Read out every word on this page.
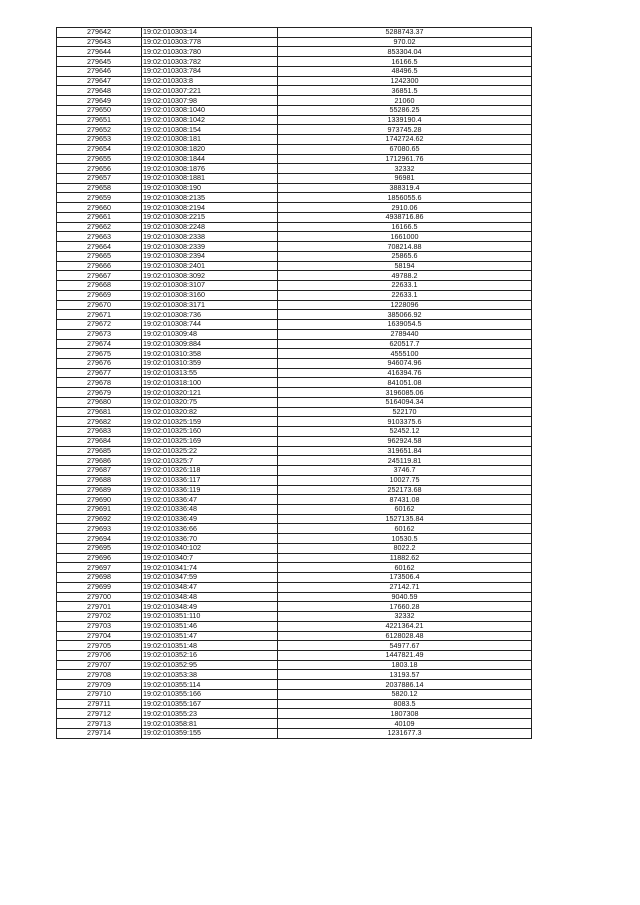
279642	19:02:010303:14	5288743.37
279643	19:02:010303:778	970.02
279644	19:02:010303:780	853304.04
279645	19:02:010303:782	16166.5
279646	19:02:010303:784	48496.5
279647	19:02:010303:8	1242300
279648	19:02:010307:221	36851.5
279649	19:02:010307:98	21060
279650	19:02:010308:1040	55286.25
279651	19:02:010308:1042	1339190.4
279652	19:02:010308:154	973745.28
279653	19:02:010308:181	1742724.62
279654	19:02:010308:1820	67080.65
279655	19:02:010308:1844	1712961.76
279656	19:02:010308:1876	32332
279657	19:02:010308:1881	96981
279658	19:02:010308:190	388319.4
279659	19:02:010308:2135	1856055.6
279660	19:02:010308:2194	2910.06
279661	19:02:010308:2215	4938716.86
279662	19:02:010308:2248	16166.5
279663	19:02:010308:2338	1661000
279664	19:02:010308:2339	708214.88
279665	19:02:010308:2394	25865.6
279666	19:02:010308:2401	58194
279667	19:02:010308:3092	49788.2
279668	19:02:010308:3107	22633.1
279669	19:02:010308:3160	22633.1
279670	19:02:010308:3171	1228096
279671	19:02:010308:736	385066.92
279672	19:02:010308:744	1639054.5
279673	19:02:010309:48	2789440
279674	19:02:010309:884	620517.7
279675	19:02:010310:358	4555100
279676	19:02:010310:359	946074.96
279677	19:02:010313:55	416394.76
279678	19:02:010318:100	841051.08
279679	19:02:010320:121	3196085.06
279680	19:02:010320:75	5164094.34
279681	19:02:010320:82	522170
279682	19:02:010325:159	9103375.6
279683	19:02:010325:160	52452.12
279684	19:02:010325:169	962924.58
279685	19:02:010325:22	319651.84
279686	19:02:010325:7	245119.81
279687	19:02:010326:118	3746.7
279688	19:02:010336:117	10027.75
279689	19:02:010336:119	252173.68
279690	19:02:010336:47	87431.08
279691	19:02:010336:48	60162
279692	19:02:010336:49	1527135.84
279693	19:02:010336:66	60162
279694	19:02:010336:70	10530.5
279695	19:02:010340:102	8022.2
279696	19:02:010340:7	11882.62
279697	19:02:010341:74	60162
279698	19:02:010347:59	173506.4
279699	19:02:010348:47	27142.71
279700	19:02:010348:48	9040.59
279701	19:02:010348:49	17660.28
279702	19:02:010351:110	32332
279703	19:02:010351:46	4221364.21
279704	19:02:010351:47	6128028.48
279705	19:02:010351:48	54977.67
279706	19:02:010352:16	1447821.49
279707	19:02:010352:95	1803.18
279708	19:02:010353:38	13193.57
279709	19:02:010355:114	2037886.14
279710	19:02:010355:166	5820.12
279711	19:02:010355:167	8083.5
279712	19:02:010355:23	1807308
279713	19:02:010358:81	40109
279714	19:02:010359:155	1231677.3
